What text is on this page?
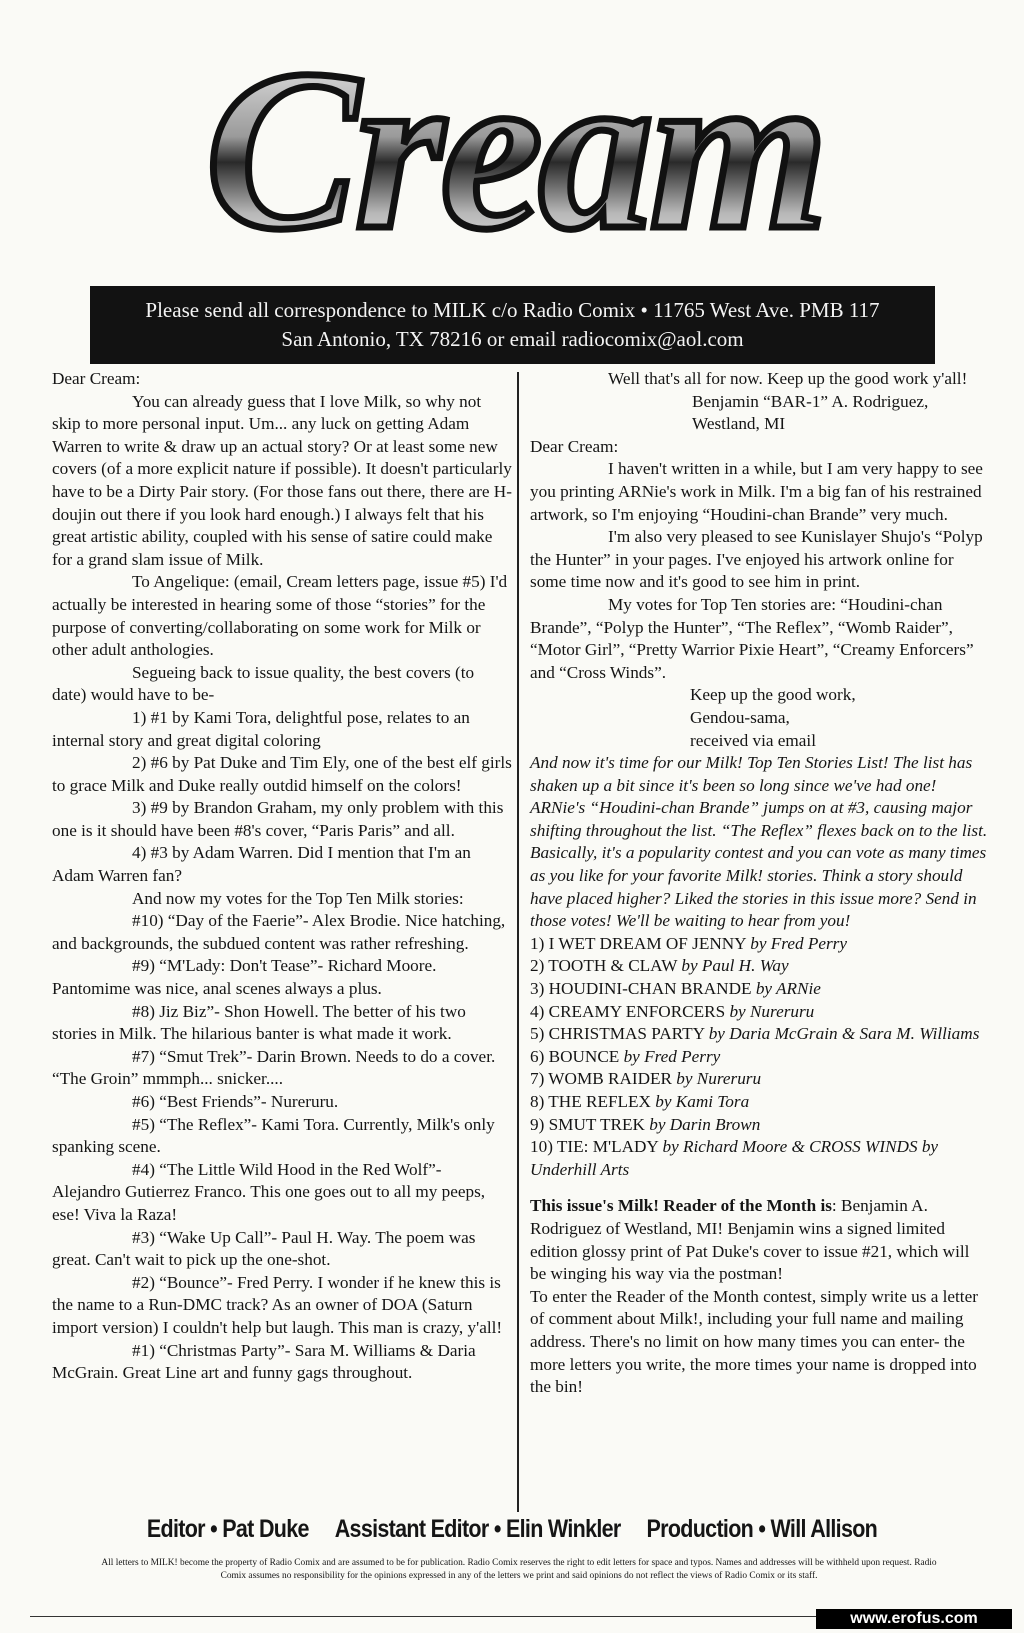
Cream
Please send all correspondence to MILK c/o Radio Comix • 11765 West Ave. PMB 117
San Antonio, TX 78216 or email radiocomix@aol.com

Dear Cream:

You can already guess that I love Milk, so why not skip to more personal input. Um... any luck on getting Adam Warren to write & draw up an actual story? Or at least some new covers (of a more explicit nature if possible). It doesn't particularly have to be a Dirty Pair story. (For those fans out there, there are H-doujin out there if you look hard enough.) I always felt that his great artistic ability, coupled with his sense of satire could make for a grand slam issue of Milk.

To Angelique: (email, Cream letters page, issue #5) I'd actually be interested in hearing some of those “stories” for the purpose of converting/collaborating on some work for Milk or other adult anthologies.

Segueing back to issue quality, the best covers (to date) would have to be-

1) #1 by Kami Tora, delightful pose, relates to an internal story and great digital coloring

2) #6 by Pat Duke and Tim Ely, one of the best elf girls to grace Milk and Duke really outdid himself on the colors!

3) #9 by Brandon Graham, my only problem with this one is it should have been #8's cover, “Paris Paris” and all.

4) #3 by Adam Warren. Did I mention that I'm an Adam Warren fan?

And now my votes for the Top Ten Milk stories:

#10) “Day of the Faerie”- Alex Brodie. Nice hatching, and backgrounds, the subdued content was rather refreshing.

#9) “M'Lady: Don't Tease”- Richard Moore. Pantomime was nice, anal scenes always a plus.

#8) Jiz Biz”- Shon Howell. The better of his two stories in Milk. The hilarious banter is what made it work.

#7) “Smut Trek”- Darin Brown. Needs to do a cover. “The Groin” mmmph... snicker....

#6) “Best Friends”- Nureruru.

#5) “The Reflex”- Kami Tora. Currently, Milk's only spanking scene.

#4) “The Little Wild Hood in the Red Wolf”- Alejandro Gutierrez Franco. This one goes out to all my peeps, ese! Viva la Raza!

#3) “Wake Up Call”- Paul H. Way. The poem was great. Can't wait to pick up the one-shot.

#2) “Bounce”- Fred Perry. I wonder if he knew this is the name to a Run-DMC track? As an owner of DOA (Saturn import version) I couldn't help but laugh. This man is crazy, y'all!

#1) “Christmas Party”- Sara M. Williams & Daria McGrain. Great Line art and funny gags throughout.

Well that's all for now. Keep up the good work y'all!

Benjamin “BAR-1” A. Rodriguez,

Westland, MI

Dear Cream:

I haven't written in a while, but I am very happy to see you printing ARNie's work in Milk. I'm a big fan of his restrained artwork, so I'm enjoying “Houdini-chan Brande” very much.

I'm also very pleased to see Kunislayer Shujo's “Polyp the Hunter” in your pages. I've enjoyed his artwork online for some time now and it's good to see him in print.

My votes for Top Ten stories are: “Houdini-chan Brande”, “Polyp the Hunter”, “The Reflex”, “Womb Raider”, “Motor Girl”, “Pretty Warrior Pixie Heart”, “Creamy Enforcers” and “Cross Winds”.

Keep up the good work,

Gendou-sama,

received via email

And now it's time for our Milk! Top Ten Stories List! The list has shaken up a bit since it's been so long since we've had one! ARNie's “Houdini-chan Brande” jumps on at #3, causing major shifting throughout the list. “The Reflex” flexes back on to the list. Basically, it's a popularity contest and you can vote as many times as you like for your favorite Milk! stories. Think a story should have placed higher? Liked the stories in this issue more? Send in those votes! We'll be waiting to hear from you!

1) I WET DREAM OF JENNY by Fred Perry

2) TOOTH & CLAW by Paul H. Way

3) HOUDINI-CHAN BRANDE by ARNie

4) CREAMY ENFORCERS by Nureruru

5) CHRISTMAS PARTY by Daria McGrain & Sara M. Williams

6) BOUNCE by Fred Perry

7) WOMB RAIDER by Nureruru

8) THE REFLEX by Kami Tora

9) SMUT TREK by Darin Brown

10) TIE: M'LADY by Richard Moore & CROSS WINDS by Underhill Arts

This issue's Milk! Reader of the Month is: Benjamin A. Rodriguez of Westland, MI! Benjamin wins a signed limited edition glossy print of Pat Duke's cover to issue #21, which will be winging his way via the postman!

To enter the Reader of the Month contest, simply write us a letter of comment about Milk!, including your full name and mailing address. There's no limit on how many times you can enter- the more letters you write, the more times your name is dropped into the bin!

Editor • Pat Duke Assistant Editor • Elin Winkler Production • Will Allison
All letters to MILK! become the property of Radio Comix and are assumed to be for publication. Radio Comix reserves the right to edit letters for space and typos. Names and addresses will be withheld upon request. Radio Comix assumes no responsibility for the opinions expressed in any of the letters we print and said opinions do not reflect the views of Radio Comix or its staff.
www.erofus.com
